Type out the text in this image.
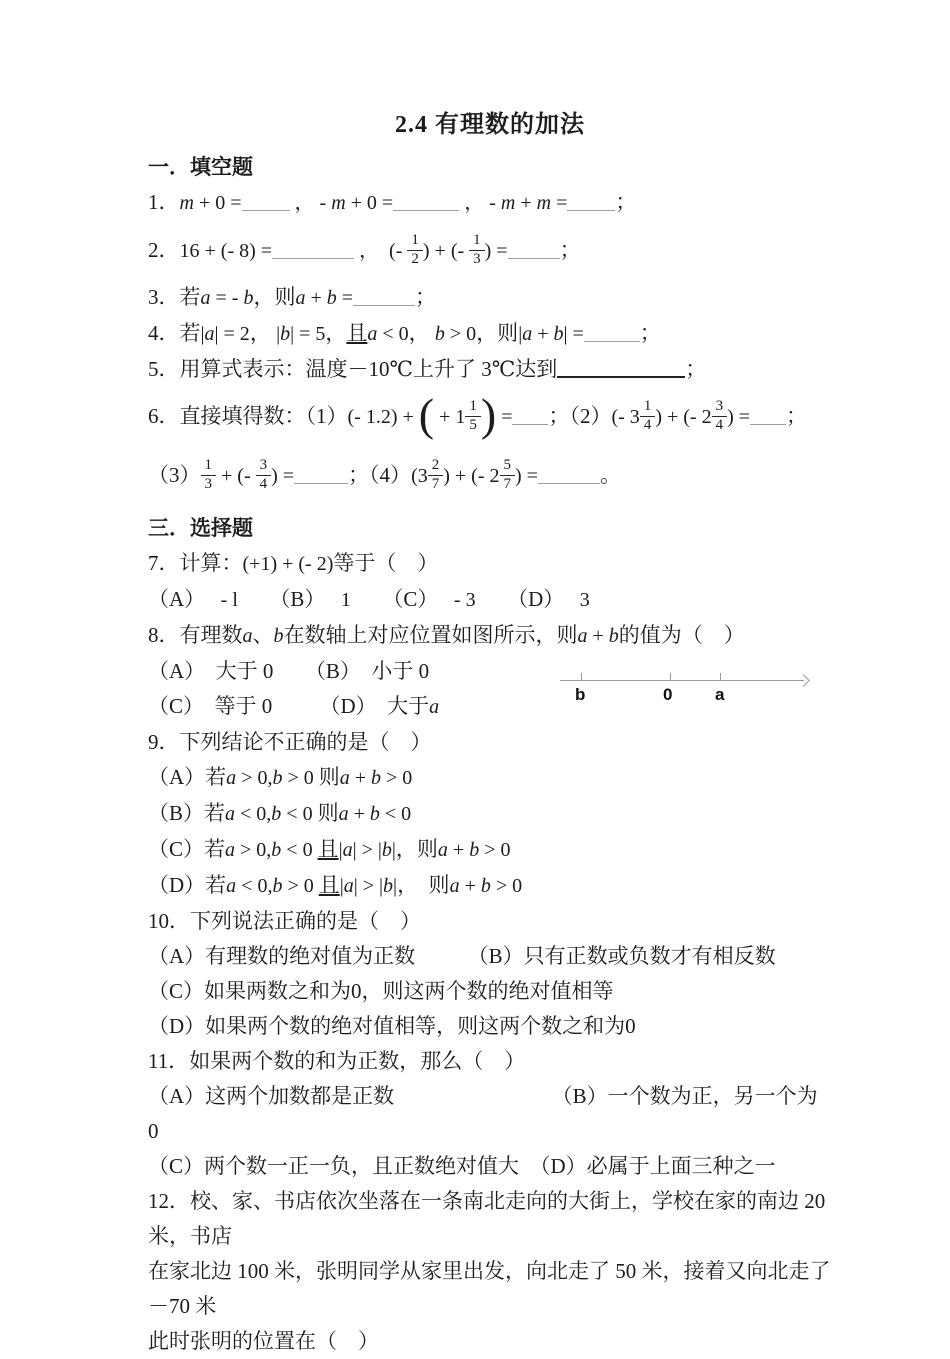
2.4 有理数的加法
一．填空题
1．m + 0 = ， - m + 0 =	， - m + m = ；
2．16 + (- 8) =	，  (- $\frac{1}{2}$ ) + (- $\frac{1}{3}$ ) = ；
3．若a = - b，则a + b =	；
4．若|a| = 2， |b| = 5，且a < 0， b > 0，则|a + b| =	；
5．用算式表示：温度－10℃上升了 3℃达到	；
6．直接填得数：（1）(- 1.2) + ( + $1 \frac{1}{5}$ ) = ；（2）(- $3 \frac{1}{4}$ ) + (- $2 \frac{3}{4}$ ) = ；
$(3) \frac{1}{3}$ + (- $\frac{3}{4}$ ) =	；$(4)(3 \frac{2}{7}$ ) + (- $2 \frac{5}{7}$ ) =	。
三．选择题
7．计算：(+1) + (- 2)等于（　）
（A）　 - l　　（B）　 1　　（C）　 - 3　　（D）　 3
8．有理数a、b在数轴上对应位置如图所示，则a + b的值为（　）
（A）　大于 0　　（B）　小于 0
（C）　等于 0　　 （D）　大于a
b	0	a
9．下列结论不正确的是（　）
（A）若a > 0,b > 0 则a + b > 0
（B）若a < 0,b < 0 则a + b < 0
（C）若a > 0,b < 0 且|a| > |b|，则a + b > 0
（D）若a < 0,b > 0 且|a| > |b|，　则a + b > 0
10．下列说法正确的是（　）
（A）有理数的绝对值为正数　　　（B）只有正数或负数才有相反数
（C）如果两数之和为0，则这两个数的绝对值相等
（D）如果两个数的绝对值相等，则这两个数之和为0
11．如果两个数的和为正数，那么（　）
（A）这两个加数都是正数　　　　　　　　（B）一个数为正，另一个为 0
（C）两个数一正一负，且正数绝对值大　（D）必属于上面三种之一
12．校、家、书店依次坐落在一条南北走向的大街上，学校在家的南边 20 米，书店
在家北边 100 米，张明同学从家里出发，向北走了 50 米，接着又向北走了－70 米
此时张明的位置在（　）
